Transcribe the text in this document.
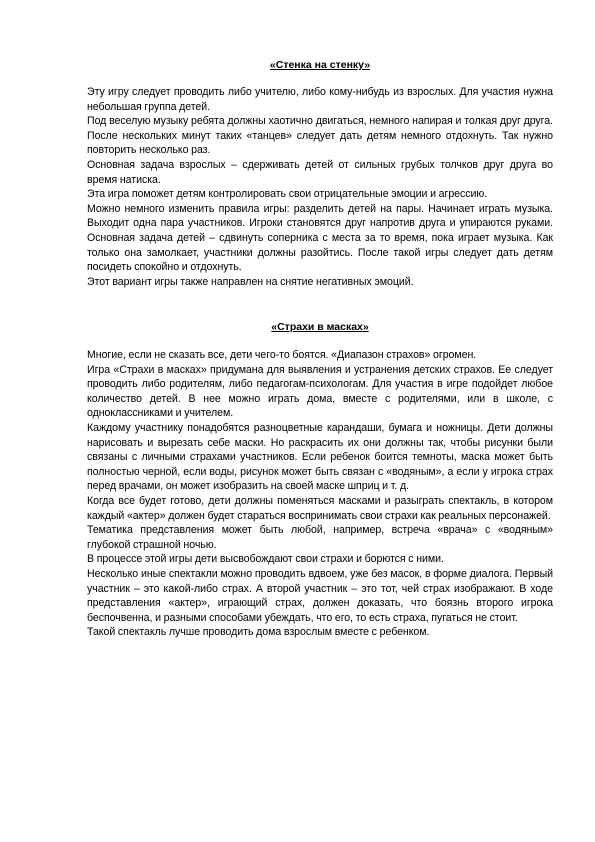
«Стенка на стенку»

Эту игру следует проводить либо учителю, либо кому-нибудь из взрослых. Для участия нужна небольшая группа детей.

Под веселую музыку ребята должны хаотично двигаться, немного напирая и толкая друг друга. После нескольких минут таких «танцев» следует дать детям немного отдохнуть. Так нужно повторить несколько раз.

Основная задача взрослых – сдерживать детей от сильных грубых толчков друг друга во время натиска.

Эта игра поможет детям контролировать свои отрицательные эмоции и агрессию.

Можно немного изменить правила игры: разделить детей на пары. Начинает играть музыка. Выходит одна пара участников. Игроки становятся друг напротив друга и упираются руками. Основная задача детей – сдвинуть соперника с места за то время, пока играет музыка. Как только она замолкает, участники должны разойтись. После такой игры следует дать детям посидеть спокойно и отдохнуть.

Этот вариант игры также направлен на снятие негативных эмоций.

«Страхи в масках»

Многие, если не сказать все, дети чего-то боятся. «Диапазон страхов» огромен.

Игра «Страхи в масках» придумана для выявления и устранения детских страхов. Ее следует проводить либо родителям, либо педагогам-психологам. Для участия в игре подойдет любое количество детей. В нее можно играть дома, вместе с родителями, или в школе, с одноклассниками и учителем.

Каждому участнику понадобятся разноцветные карандаши, бумага и ножницы. Дети должны нарисовать и вырезать себе маски. Но раскрасить их они должны так, чтобы рисунки были связаны с личными страхами участников. Если ребенок боится темноты, маска может быть полностью черной, если воды, рисунок может быть связан с «водяным», а если у игрока страх перед врачами, он может изобразить на своей маске шприц и т. д.

Когда все будет готово, дети должны поменяться масками и разыграть спектакль, в котором каждый «актер» должен будет стараться воспринимать свои страхи как реальных персонажей.

Тематика представления может быть любой, например, встреча «врача» с «водяным» глубокой страшной ночью.

В процессе этой игры дети высвобождают свои страхи и борются с ними.

Несколько иные спектакли можно проводить вдвоем, уже без масок, в форме диалога. Первый участник – это какой-либо страх. А второй участник – это тот, чей страх изображают. В ходе представления «актер», играющий страх, должен доказать, что боязнь второго игрока беспочвенна, и разными способами убеждать, что его, то есть страха, пугаться не стоит.

Такой спектакль лучше проводить дома взрослым вместе с ребенком.
